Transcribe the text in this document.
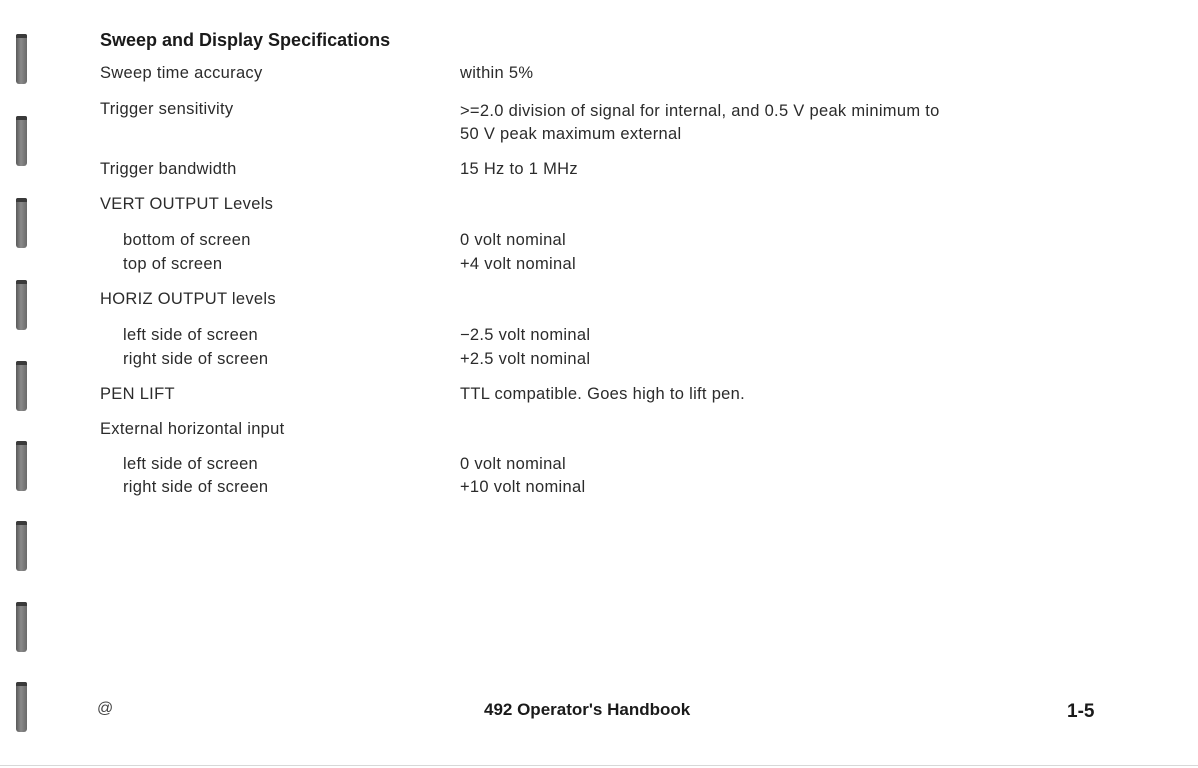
Sweep and Display Specifications
Sweep time accuracy	within 5%
Trigger sensitivity	>=2.0 division of signal for internal, and 0.5 V peak minimum to
50 V peak maximum external
Trigger bandwidth	15 Hz to 1 MHz
VERT OUTPUT Levels
bottom of screen	0 volt nominal
top of screen	+4 volt nominal
HORIZ OUTPUT levels
left side of screen	−2.5 volt nominal
right side of screen	+2.5 volt nominal
PEN LIFT	TTL compatible. Goes high to lift pen.
External horizontal input
left side of screen	0 volt nominal
right side of screen	+10 volt nominal
@	492 Operator's Handbook	1-5
